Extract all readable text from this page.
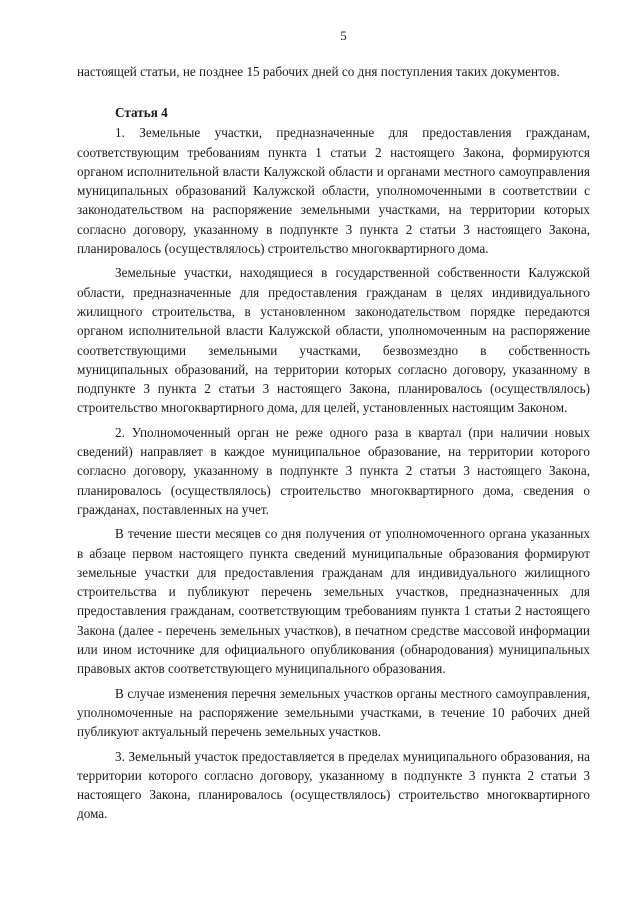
5

настоящей статьи, не позднее 15 рабочих дней со дня поступления таких документов.

Статья 4

1. Земельные участки, предназначенные для предоставления гражданам, соответствующим требованиям пункта 1 статьи 2 настоящего Закона, формируются органом исполнительной власти Калужской области и органами местного самоуправления муниципальных образований Калужской области, уполномоченными в соответствии с законодательством на распоряжение земельными участками, на территории которых согласно договору, указанному в подпункте 3 пункта 2 статьи 3 настоящего Закона, планировалось (осуществлялось) строительство многоквартирного дома.

Земельные участки, находящиеся в государственной собственности Калужской области, предназначенные для предоставления гражданам в целях индивидуального жилищного строительства, в установленном законодательством порядке передаются органом исполнительной власти Калужской области, уполномоченным на распоряжение соответствующими земельными участками, безвозмездно в собственность муниципальных образований, на территории которых согласно договору, указанному в подпункте 3 пункта 2 статьи 3 настоящего Закона, планировалось (осуществлялось) строительство многоквартирного дома, для целей, установленных настоящим Законом.

2. Уполномоченный орган не реже одного раза в квартал (при наличии новых сведений) направляет в каждое муниципальное образование, на территории которого согласно договору, указанному в подпункте 3 пункта 2 статьи 3 настоящего Закона, планировалось (осуществлялось) строительство многоквартирного дома, сведения о гражданах, поставленных на учет.

В течение шести месяцев со дня получения от уполномоченного органа указанных в абзаце первом настоящего пункта сведений муниципальные образования формируют земельные участки для предоставления гражданам для индивидуального жилищного строительства и публикуют перечень земельных участков, предназначенных для предоставления гражданам, соответствующим требованиям пункта 1 статьи 2 настоящего Закона (далее - перечень земельных участков), в печатном средстве массовой информации или ином источнике для официального опубликования (обнародования) муниципальных правовых актов соответствующего муниципального образования.

В случае изменения перечня земельных участков органы местного самоуправления, уполномоченные на распоряжение земельными участками, в течение 10 рабочих дней публикуют актуальный перечень земельных участков.

3. Земельный участок предоставляется в пределах муниципального образования, на территории которого согласно договору, указанному в подпункте 3 пункта 2 статьи 3 настоящего Закона, планировалось (осуществлялось) строительство многоквартирного дома.
